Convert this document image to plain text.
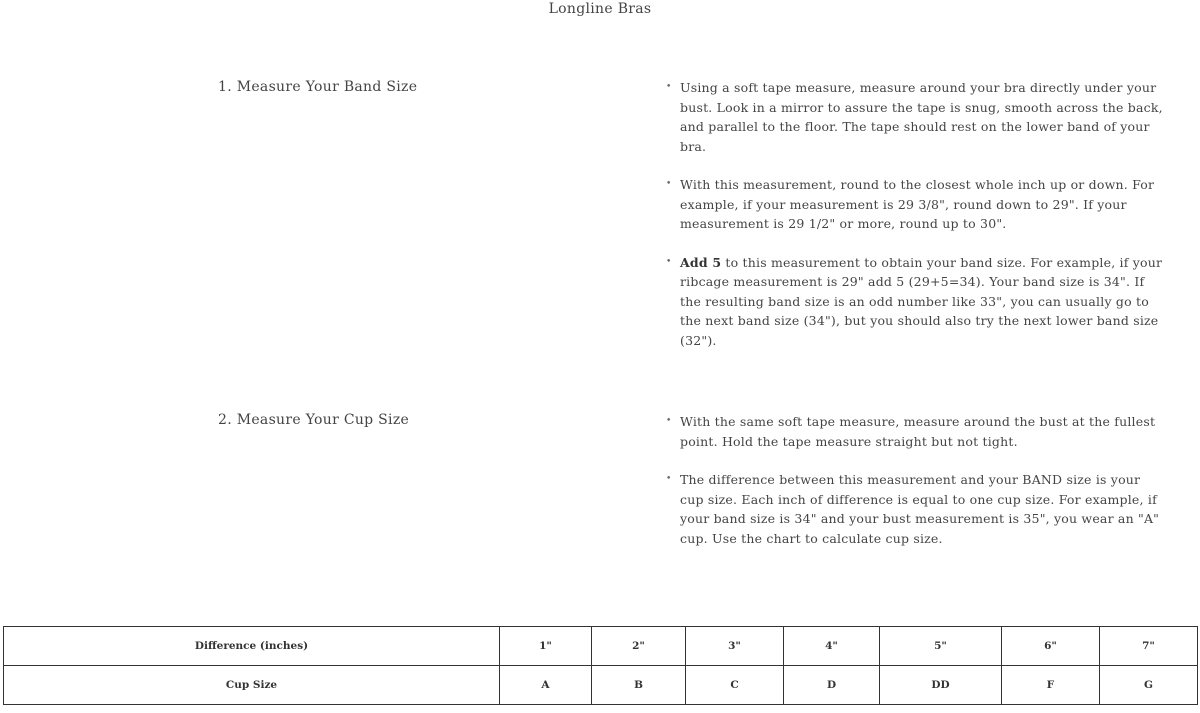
Longline Bras
1. Measure Your Band Size	• Using a soft tape measure, measure around your bra directly under your bust. Look in a mirror to assure the tape is snug, smooth across the back, and parallel to the floor. The tape should rest on the lower band of your bra.
• With this measurement, round to the closest whole inch up or down. For example, if your measurement is 29 3/8", round down to 29". If your measurement is 29 1/2" or more, round up to 30".
• Add 5 to this measurement to obtain your band size. For example, if your ribcage measurement is 29" add 5 (29+5=34). Your band size is 34". If the resulting band size is an odd number like 33", you can usually go to the next band size (34"), but you should also try the next lower band size (32").
2. Measure Your Cup Size	• With the same soft tape measure, measure around the bust at the fullest point. Hold the tape measure straight but not tight.
• The difference between this measurement and your BAND size is your cup size. Each inch of difference is equal to one cup size. For example, if your band size is 34" and your bust measurement is 35", you wear an "A" cup. Use the chart to calculate cup size.
Difference (inches)	1"	2"	3"	4"	5"	6"	7"
Cup Size	A	B	C	D	DD	F	G
